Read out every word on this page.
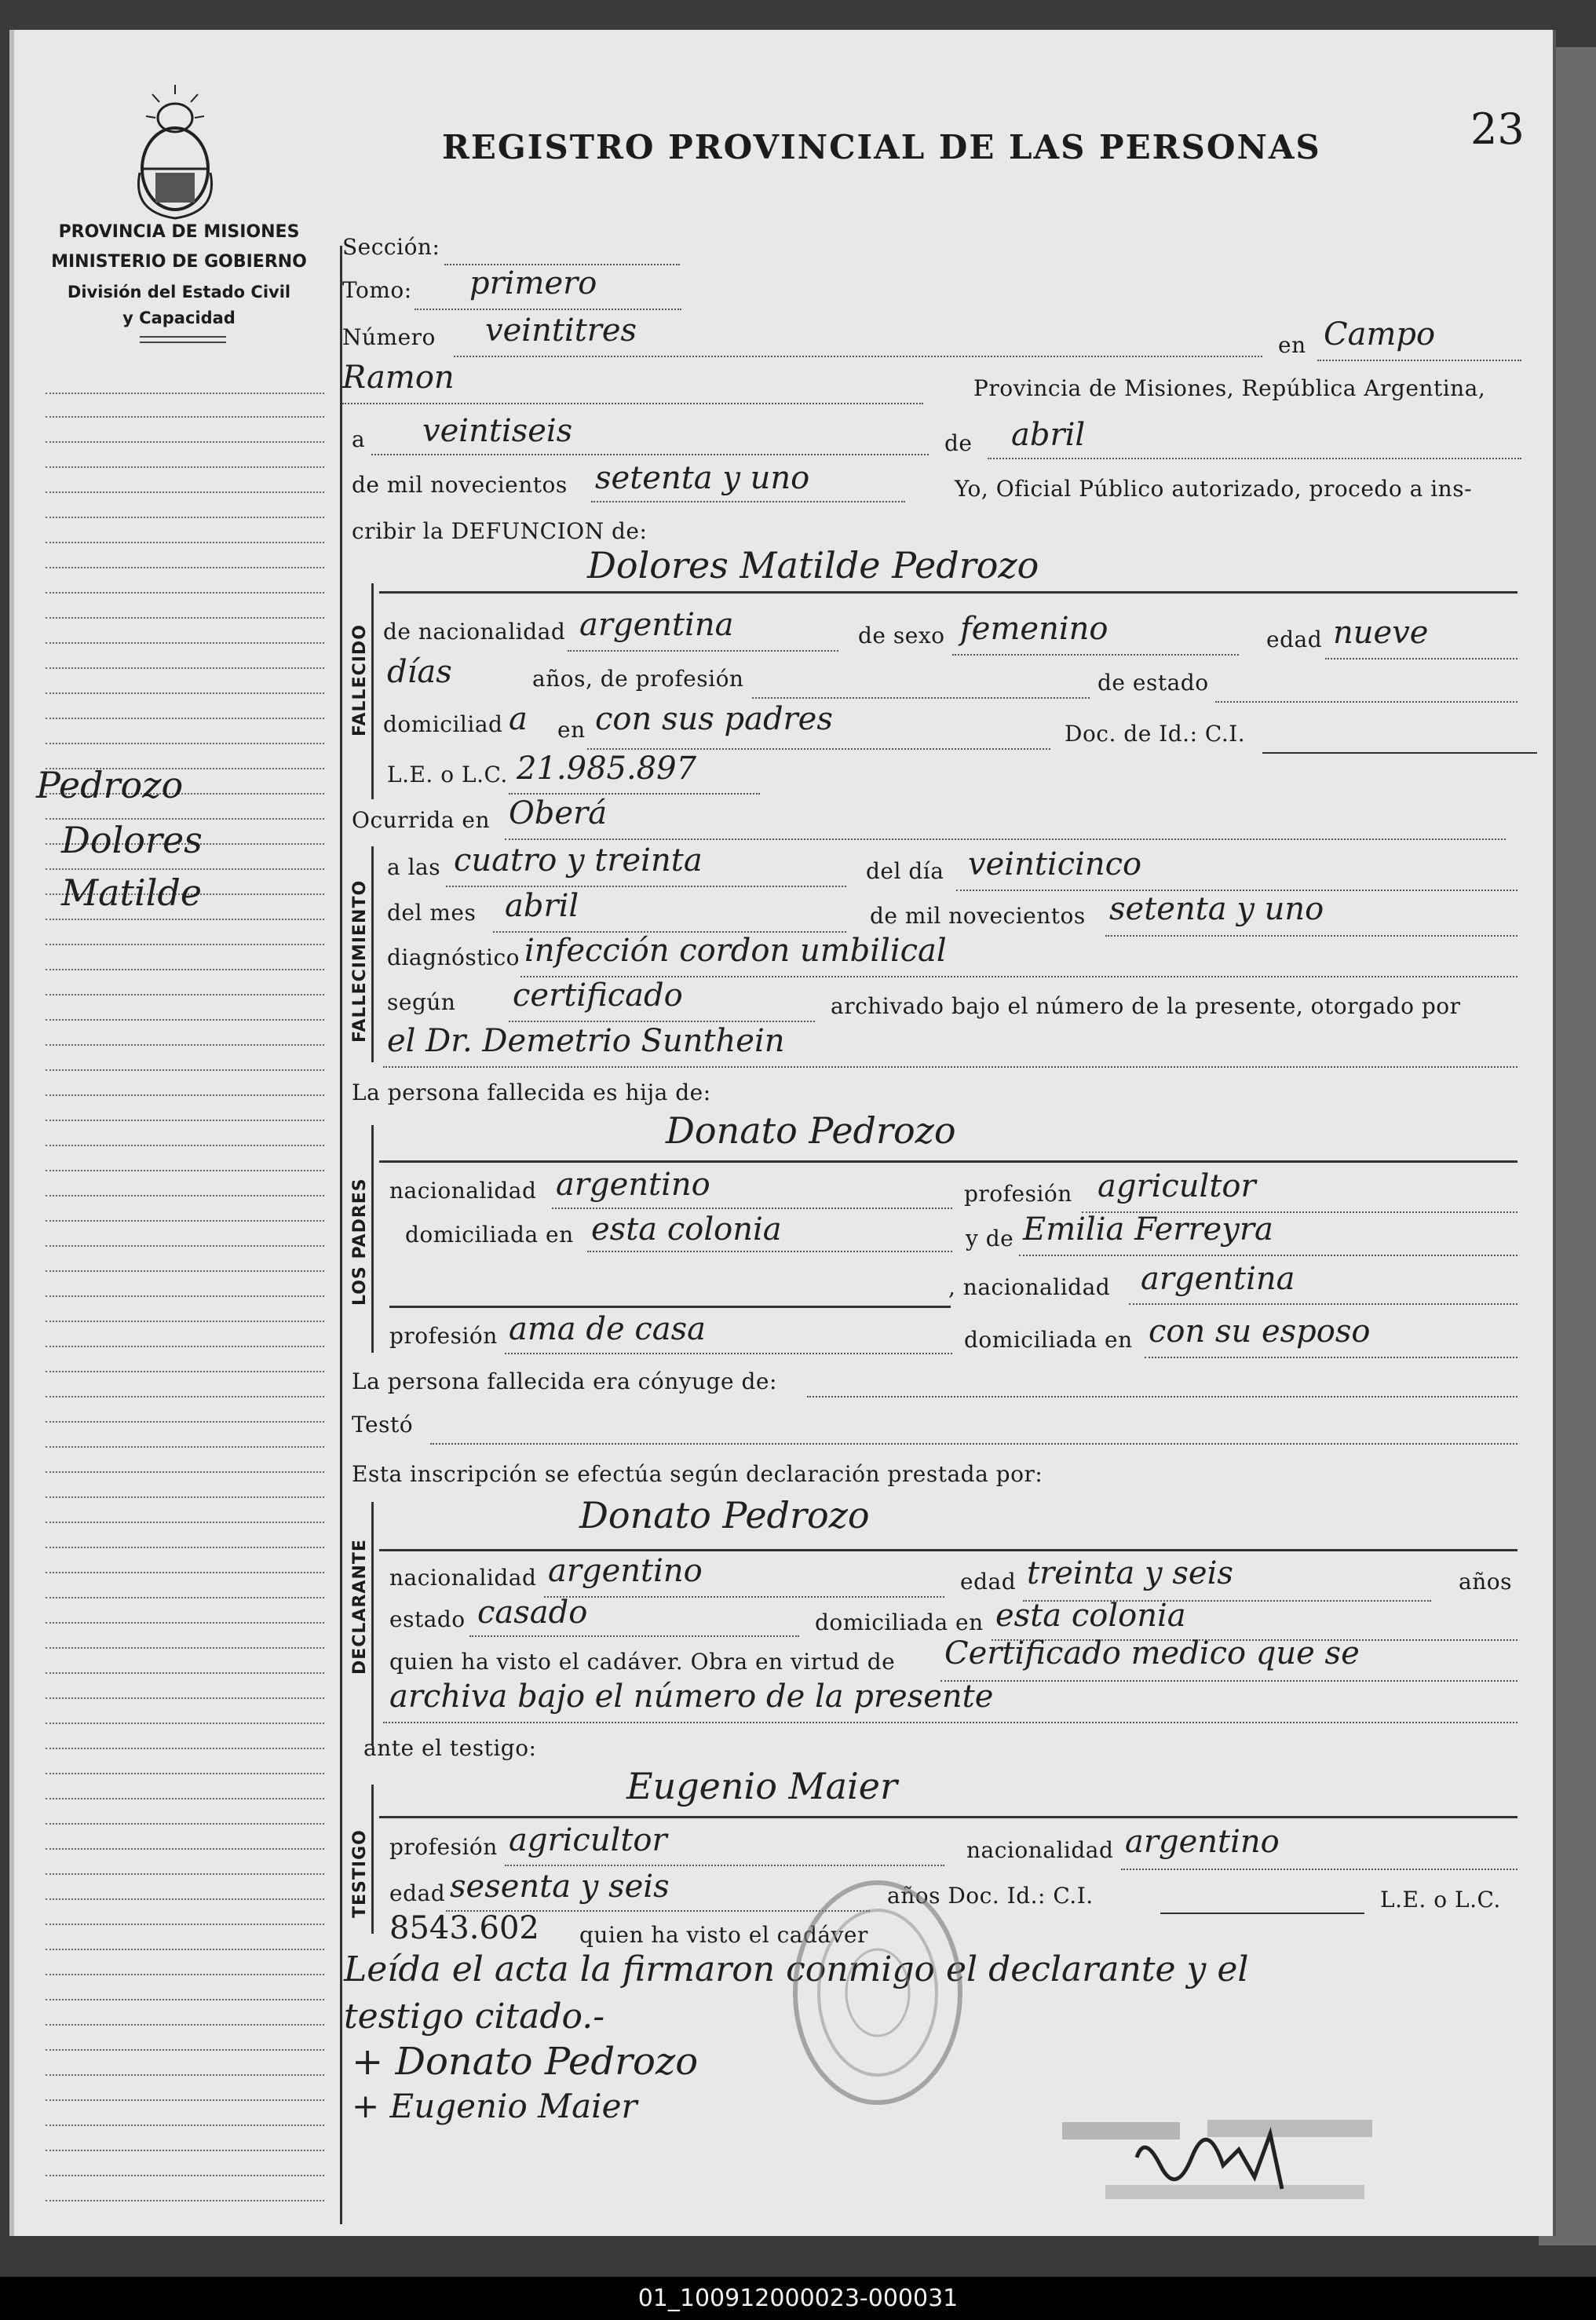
23
REGISTRO PROVINCIAL DE LAS PERSONAS
PROVINCIA DE MISIONES
MINISTERIO DE GOBIERNO
División del Estado Civil
y Capacidad
Pedrozo
Dolores
Matilde
Sección:
Tomo: primero
Número veintitres	en Campo
Ramon	Provincia de Misiones, República Argentina,
a veintiseis	de abril
de mil novecientos setenta y uno	Yo, Oficial Público autorizado, procedo a ins-
cribir la DEFUNCION de:
FALLECIDO
Dolores Matilde Pedrozo
de nacionalidad argentina	de sexo femenino	edad nueve
días	años, de profesión	de estado
domiciliad a en con sus padres	Doc. de Id.: C.I.
L.E. o L.C. 21.985.897
Ocurrida en Oberá
FALLECIMIENTO
a las cuatro y treinta	del día veinticinco
del mes abril	de mil novecientos setenta y uno
diagnóstico infección cordon umbilical
según certificado	archivado bajo el número de la presente, otorgado por
el Dr. Demetrio Sunthein
La persona fallecida es hija de:
LOS PADRES
Donato Pedrozo
nacionalidad argentino	profesión agricultor
domiciliada en esta colonia	y de Emilia Ferreyra
, nacionalidad argentina
profesión ama de casa	domiciliada en con su esposo
La persona fallecida era cónyuge de:
Testó
Esta inscripción se efectúa según declaración prestada por:
DECLARANTE
Donato Pedrozo
nacionalidad argentino	edad treinta y seis	años
estado casado	domiciliada en esta colonia
quien ha visto el cadáver. Obra en virtud de Certificado medico que se
archiva bajo el número de la presente
ante el testigo:
TESTIGO
Eugenio Maier
profesión agricultor	nacionalidad argentino
edad sesenta y seis	años Doc. Id.: C.I.	L.E. o L.C.
8543.602 quien ha visto el cadáver
Leída el acta la firmaron conmigo el declarante y el
testigo citado.-
+ Donato Pedrozo
+ Eugenio Maier
01_100912000023-000031
